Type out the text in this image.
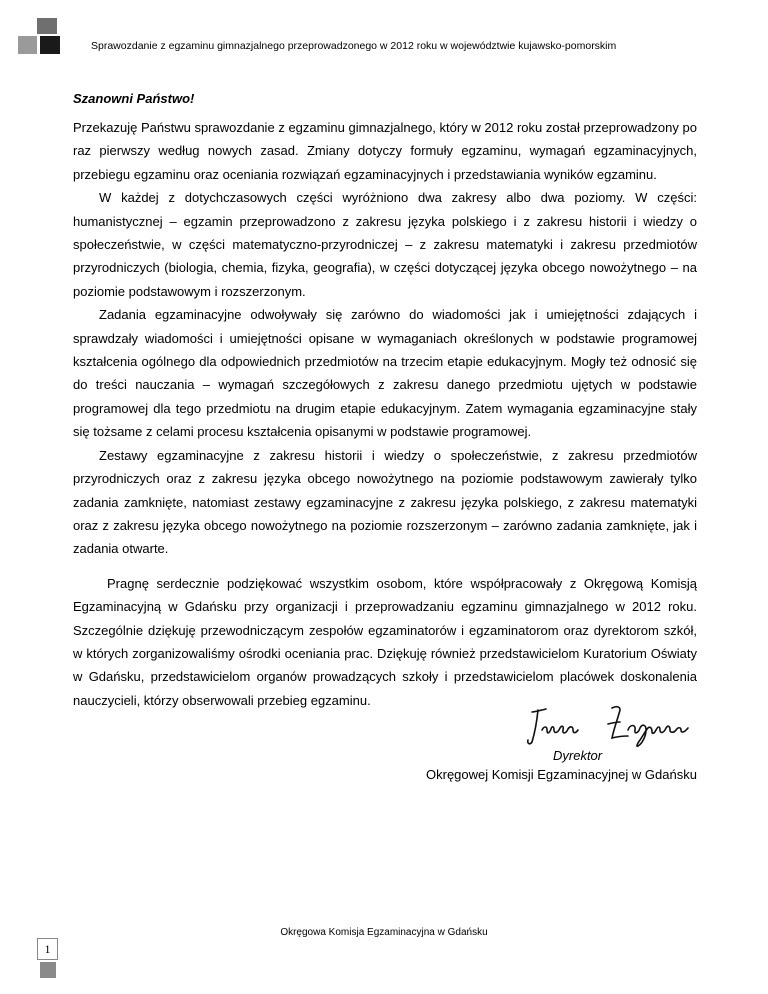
Sprawozdanie z egzaminu gimnazjalnego przeprowadzonego w 2012 roku w województwie kujawsko-pomorskim
Szanowni Państwo!

Przekazuję Państwu sprawozdanie z egzaminu gimnazjalnego, który w 2012 roku został przeprowadzony po raz pierwszy według nowych zasad. Zmiany dotyczy formuły egzaminu, wymagań egzaminacyjnych, przebiegu egzaminu oraz oceniania rozwiązań egzaminacyjnych i przedstawiania wyników egzaminu.

W każdej z dotychczasowych części wyróżniono dwa zakresy albo dwa poziomy. W części: humanistycznej – egzamin przeprowadzono z zakresu języka polskiego i z zakresu historii i wiedzy o społeczeństwie, w części matematyczno-przyrodniczej – z zakresu matematyki i zakresu przedmiotów przyrodniczych (biologia, chemia, fizyka, geografia), w części dotyczącej języka obcego nowożytnego – na poziomie podstawowym i rozszerzonym.

Zadania egzaminacyjne odwoływały się zarówno do wiadomości jak i umiejętności zdających i sprawdzały wiadomości i umiejętności opisane w wymaganiach określonych w podstawie programowej kształcenia ogólnego dla odpowiednich przedmiotów na trzecim etapie edukacyjnym. Mogły też odnosić się do treści nauczania – wymagań szczegółowych z zakresu danego przedmiotu ujętych w podstawie programowej dla tego przedmiotu na drugim etapie edukacyjnym. Zatem wymagania egzaminacyjne stały się tożsame z celami procesu kształcenia opisanymi w podstawie programowej.

Zestawy egzaminacyjne z zakresu historii i wiedzy o społeczeństwie, z zakresu przedmiotów przyrodniczych oraz z zakresu języka obcego nowożytnego na poziomie podstawowym zawierały tylko zadania zamknięte, natomiast zestawy egzaminacyjne z zakresu języka polskiego, z zakresu matematyki oraz z zakresu języka obcego nowożytnego na poziomie rozszerzonym – zarówno zadania zamknięte, jak i zadania otwarte.

Pragnę serdecznie podziękować wszystkim osobom, które współpracowały z Okręgową Komisją Egzaminacyjną w Gdańsku przy organizacji i przeprowadzaniu egzaminu gimnazjalnego w 2012 roku. Szczególnie dziękuję przewodniczącym zespołów egzaminatorów i egzaminatorom oraz dyrektorom szkół, w których zorganizowaliśmy ośrodki oceniania prac. Dziękuję również przedstawicielom Kuratorium Oświaty w Gdańsku, przedstawicielom organów prowadzących szkoły i przedstawicielom placówek doskonalenia nauczycieli, którzy obserwowali przebieg egzaminu.

Dyrektor
Okręgowej Komisji Egzaminacyjnej w Gdańsku
Okręgowa Komisja Egzaminacyjna w Gdańsku
1
